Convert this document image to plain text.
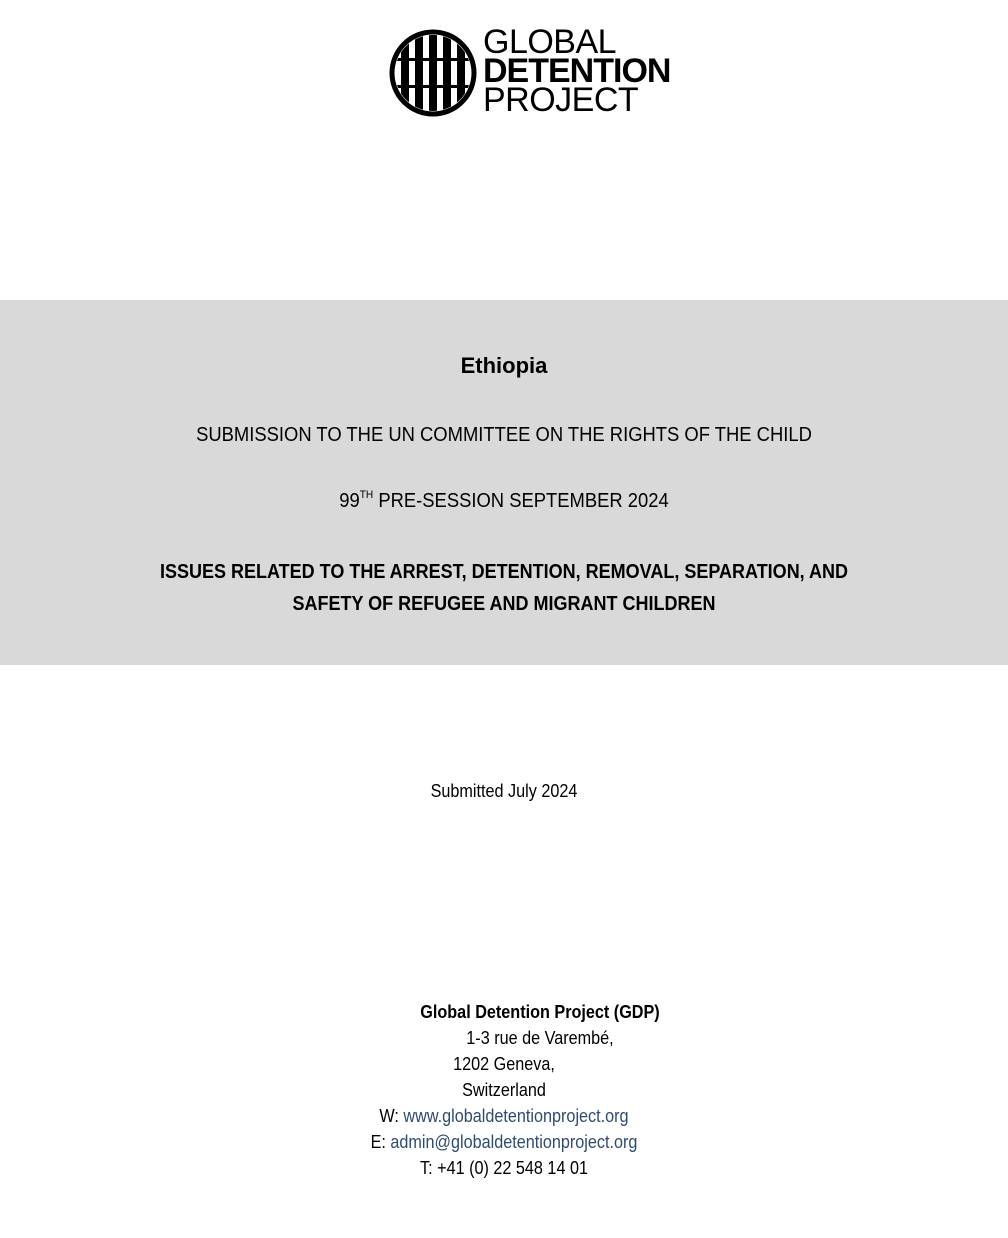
GLOBAL
DETENTION
PROJECT
Ethiopia
SUBMISSION TO THE UN COMMITTEE ON THE RIGHTS OF THE CHILD
99TH PRE-SESSION SEPTEMBER 2024
ISSUES RELATED TO THE ARREST, DETENTION, REMOVAL, SEPARATION, AND
SAFETY OF REFUGEE AND MIGRANT CHILDREN
Submitted July 2024
Global Detention Project (GDP)
1-3 rue de Varembé,
1202 Geneva,
Switzerland
W: www.globaldetentionproject.org
E: admin@globaldetentionproject.org
T: +41 (0) 22 548 14 01
